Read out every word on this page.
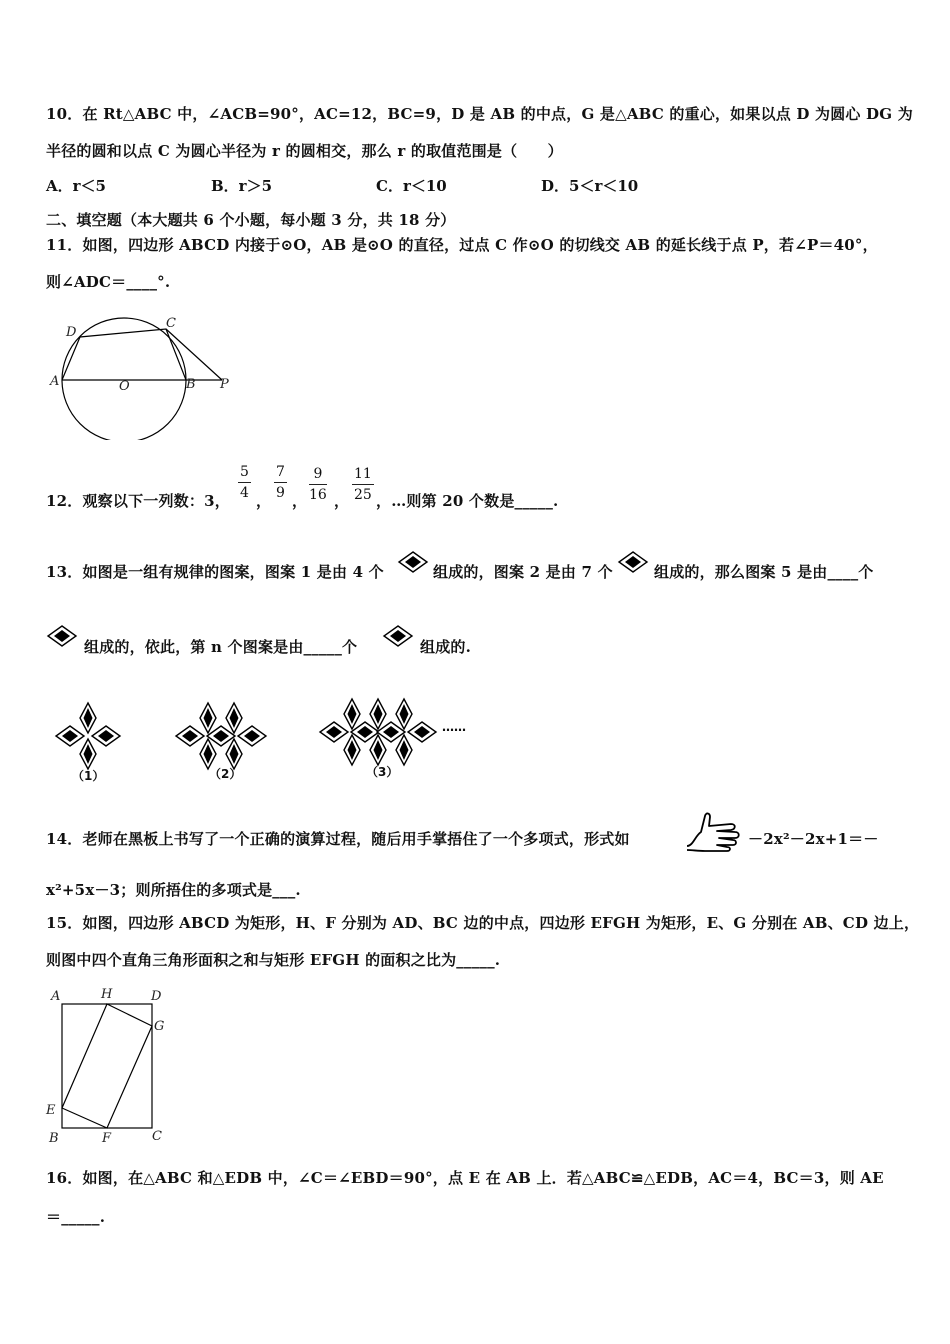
10．在 Rt△ABC 中，∠ACB=90°，AC=12，BC=9，D 是 AB 的中点，G 是△ABC 的重心，如果以点 D 为圆心 DG 为
半径的圆和以点 C 为圆心半径为 r 的圆相交，那么 r 的取值范围是（　　）
A．r＜5	B．r＞5	C．r＜10	D．5＜r＜10
二、填空题（本大题共 6 个小题，每小题 3 分，共 18 分）
11．如图，四边形 ABCD 内接于⊙O，AB 是⊙O 的直径，过点 C 作⊙O 的切线交 AB 的延长线于点 P，若∠P＝40°，
则∠ADC＝____°.
D
C
A	O	B P
12．观察以下一列数：3， $\frac{5}{4}$ ， $\frac{7}{9}$ ， $\frac{9}{16}$ ， $\frac{11}{25}$ ，…则第 20 个数是_____.
13．如图是一组有规律的图案，图案 1 是由 4 个	组成的，图案 2 是由 7 个	组成的，那么图案 5 是由____个
组成的，依此，第 n 个图案是由_____个	组成的.
（1）	（2）	（3）
……
14．老师在黑板上书写了一个正确的演算过程，随后用手掌捂住了一个多项式，形式如	－2x²－2x+1＝－
x²+5x－3；则所捂住的多项式是___.
15．如图，四边形 ABCD 为矩形，H、F 分别为 AD、BC 边的中点，四边形 EFGH 为矩形，E、G 分别在 AB、CD 边上，
则图中四个直角三角形面积之和与矩形 EFGH 的面积之比为_____.
A	H	D
G
E
B	F	C
16．如图，在△ABC 和△EDB 中，∠C＝∠EBD＝90°，点 E 在 AB 上．若△ABC≌△EDB，AC＝4，BC＝3，则 AE
＝_____.
